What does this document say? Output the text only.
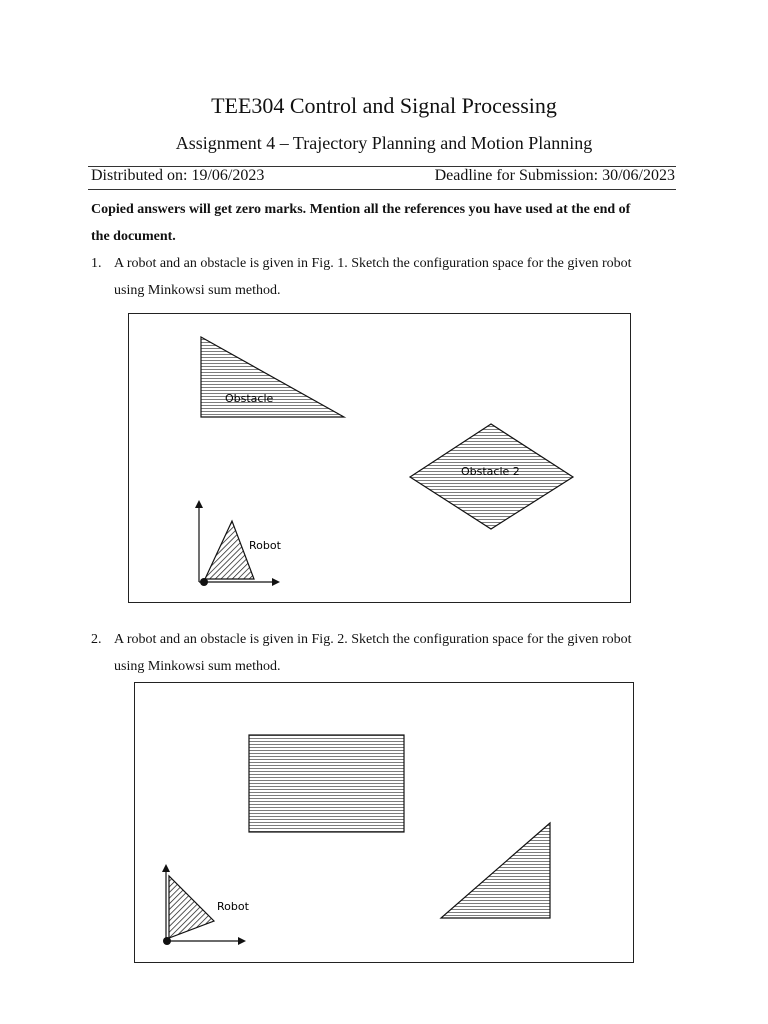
TEE304 Control and Signal Processing
Assignment 4 – Trajectory Planning and Motion Planning
Distributed on: 19/06/2023	Deadline for Submission: 30/06/2023
Copied answers will get zero marks. Mention all the references you have used at the end of
the document.
1. A robot and an obstacle is given in Fig. 1. Sketch the configuration space for the given robot
using Minkowsi sum method.
Obstacle
Obstacle 2
Robot
2. A robot and an obstacle is given in Fig. 2. Sketch the configuration space for the given robot
using Minkowsi sum method.
Robot
